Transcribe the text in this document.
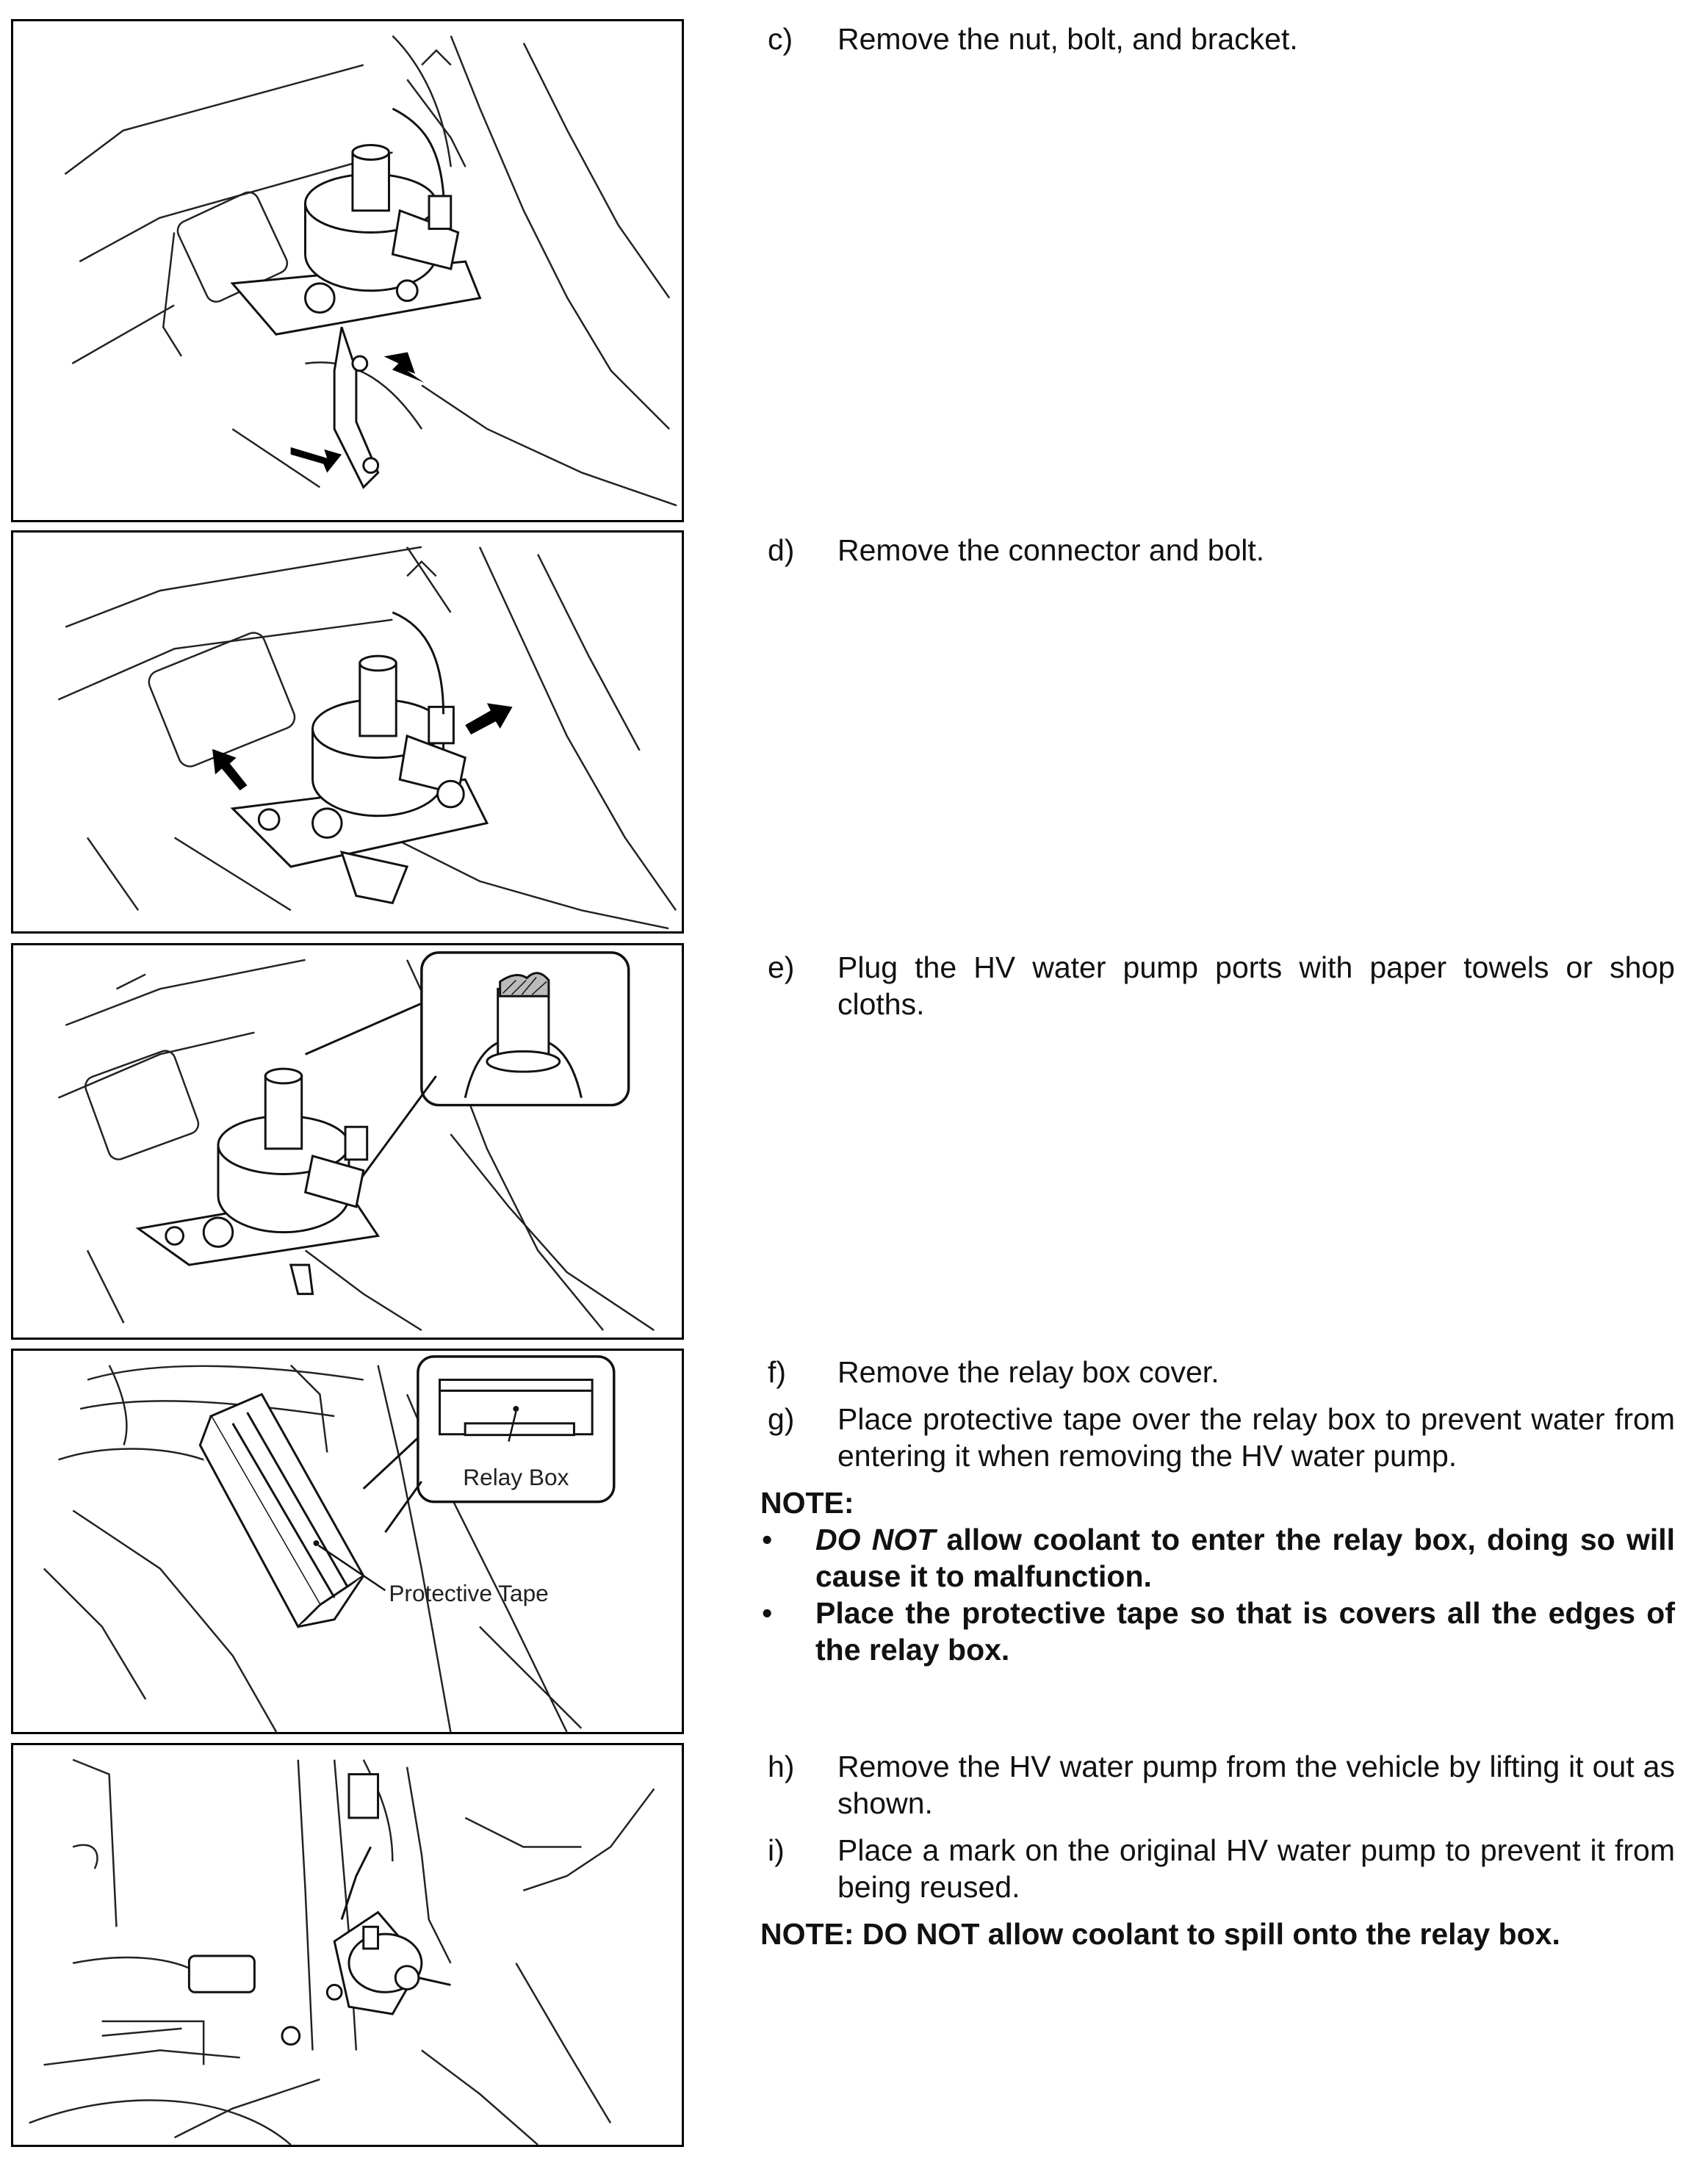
c) Remove the nut, bolt, and bracket.
d) Remove the connector and bolt.
e) Plug the HV water pump ports with paper towels or shop cloths.
Relay Box
Protective Tape
f) Remove the relay box cover.
g) Place protective tape over the relay box to prevent water from entering it when removing the HV water pump.
NOTE:
• DO NOT allow coolant to enter the relay box, doing so will cause it to malfunction.
• Place the protective tape so that is covers all the edges of the relay box.
h) Remove the HV water pump from the vehicle by lifting it out as shown.
i) Place a mark on the original HV water pump to prevent it from being reused.
NOTE: DO NOT allow coolant to spill onto the relay box.
